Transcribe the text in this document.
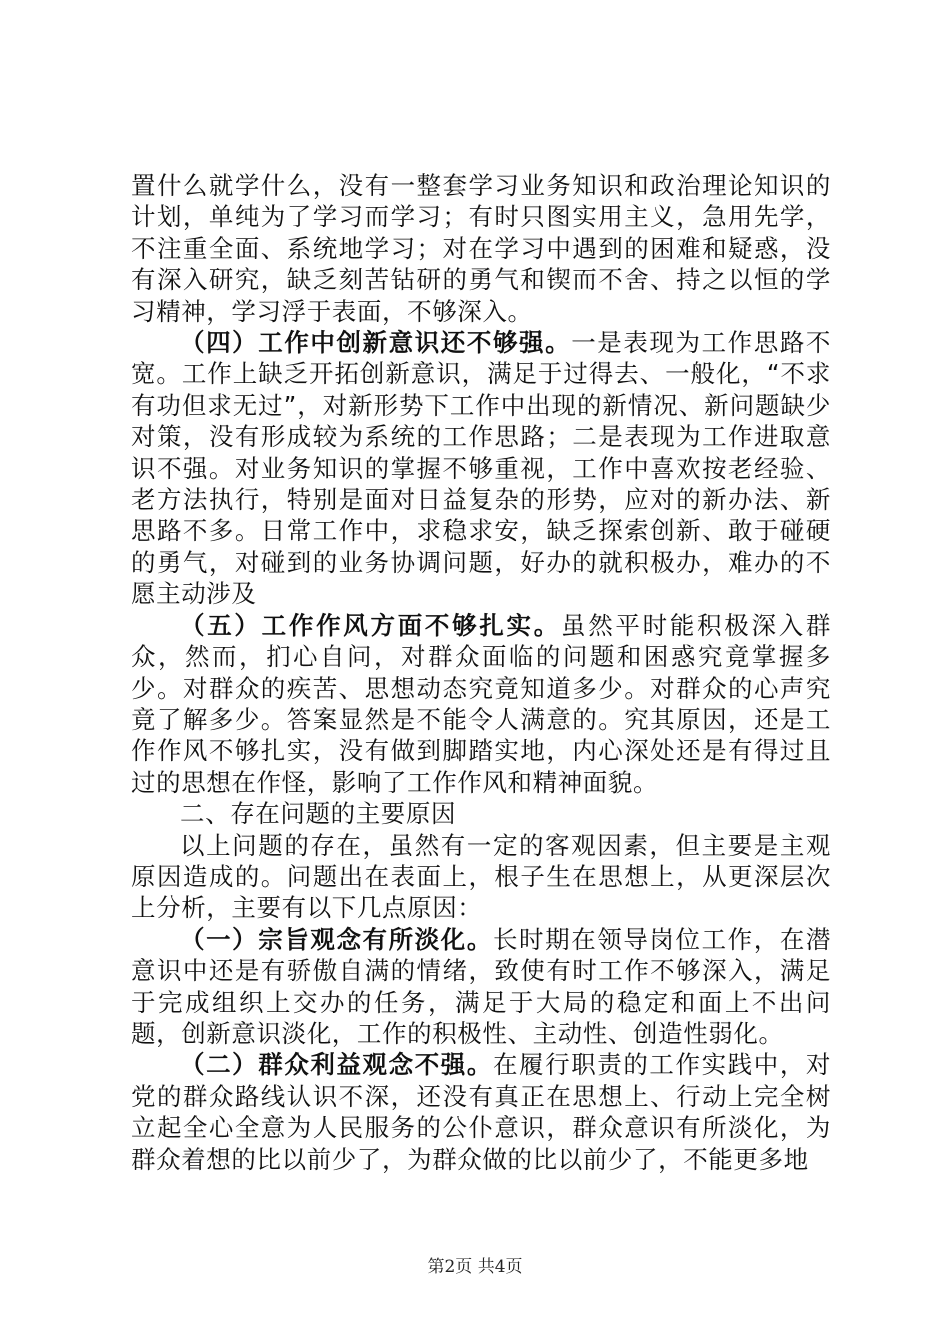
置什么就学什么，没有一整套学习业务知识和政治理论知识的计划，单纯为了学习而学习；有时只图实用主义，急用先学，不注重全面、系统地学习；对在学习中遇到的困难和疑惑，没有深入研究，缺乏刻苦钻研的勇气和锲而不舍、持之以恒的学习精神，学习浮于表面，不够深入。

（四）工作中创新意识还不够强。一是表现为工作思路不宽。工作上缺乏开拓创新意识，满足于过得去、一般化，“不求有功但求无过”，对新形势下工作中出现的新情况、新问题缺少对策，没有形成较为系统的工作思路；二是表现为工作进取意识不强。对业务知识的掌握不够重视，工作中喜欢按老经验、老方法执行，特别是面对日益复杂的形势，应对的新办法、新思路不多。日常工作中，求稳求安，缺乏探索创新、敢于碰硬的勇气，对碰到的业务协调问题，好办的就积极办，难办的不愿主动涉及

（五）工作作风方面不够扎实。虽然平时能积极深入群众，然而，扪心自问，对群众面临的问题和困惑究竟掌握多少。对群众的疾苦、思想动态究竟知道多少。对群众的心声究竟了解多少。答案显然是不能令人满意的。究其原因，还是工作作风不够扎实，没有做到脚踏实地，内心深处还是有得过且过的思想在作怪，影响了工作作风和精神面貌。

二、存在问题的主要原因

以上问题的存在，虽然有一定的客观因素，但主要是主观原因造成的。问题出在表面上，根子生在思想上，从更深层次上分析，主要有以下几点原因：

（一）宗旨观念有所淡化。长时期在领导岗位工作，在潜意识中还是有骄傲自满的情绪，致使有时工作不够深入，满足于完成组织上交办的任务，满足于大局的稳定和面上不出问题，创新意识淡化，工作的积极性、主动性、创造性弱化。

（二）群众利益观念不强。在履行职责的工作实践中，对党的群众路线认识不深，还没有真正在思想上、行动上完全树立起全心全意为人民服务的公仆意识，群众意识有所淡化，为群众着想的比以前少了，为群众做的比以前少了，不能更多地

第2页 共4页
